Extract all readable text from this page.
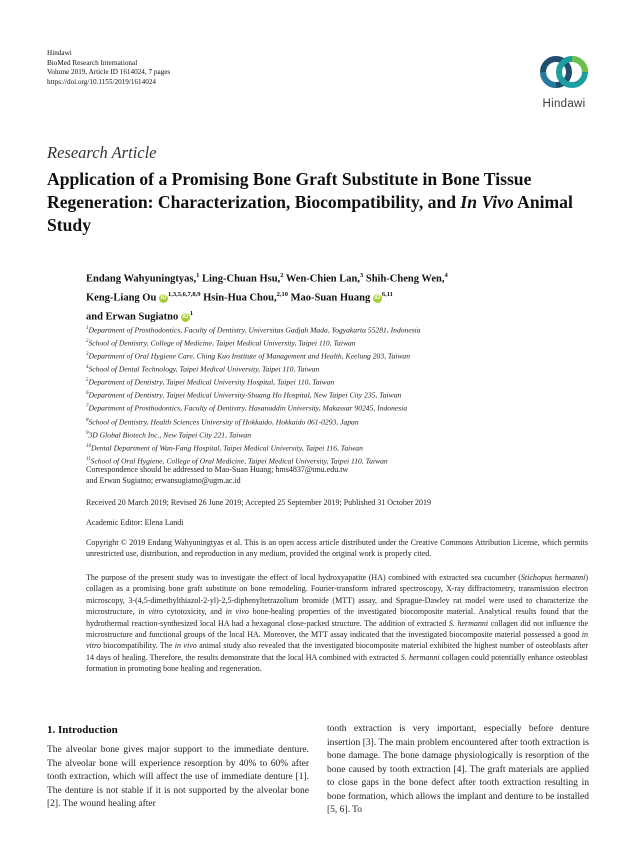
Hindawi
BioMed Research International
Volume 2019, Article ID 1614024, 7 pages
https://doi.org/10.1155/2019/1614024
Hindawi
Research Article
Application of a Promising Bone Graft Substitute in Bone Tissue Regeneration: Characterization, Biocompatibility, and In Vivo Animal Study
Endang Wahyuningtyas,$^1$ Ling-Chuan Hsu,$^2$ Wen-Chien Lan,$^3$ Shih-Cheng Wen,$^4$
Keng-Liang Ou iD $^{1,3,5,6,7,8,9}$ Hsin-Hua Chou,$^{2,10}$ Mao-Suan Huang iD $^{6,11}$
and Erwan Sugiatno iD $^1$
$^1$Department of Prosthodontics, Faculty of Dentistry, Universitas Gadjah Mada, Yogyakarta 55281, Indonesia
$^2$School of Dentistry, College of Medicine, Taipei Medical University, Taipei 110, Taiwan
$^3$Department of Oral Hygiene Care, Ching Kuo Institute of Management and Health, Keelung 203, Taiwan
$^4$School of Dental Technology, Taipei Medical University, Taipei 110, Taiwan
$^5$Department of Dentistry, Taipei Medical University Hospital, Taipei 110, Taiwan
$^6$Department of Dentistry, Taipei Medical University-Shuang Ho Hospital, New Taipei City 235, Taiwan
$^7$Department of Prosthodontics, Faculty of Dentistry, Hasanuddin University, Makassar 90245, Indonesia
$^8$School of Dentistry, Health Sciences University of Hokkaido, Hokkaido 061-0293, Japan
$^9$3D Global Biotech Inc., New Taipei City 221, Taiwan
$^{10}$Dental Department of Wan-Fang Hospital, Taipei Medical University, Taipei 116, Taiwan
$^{11}$School of Oral Hygiene, College of Oral Medicine, Taipei Medical University, Taipei 110, Taiwan
Correspondence should be addressed to Mao-Suan Huang; hms4837@tmu.edu.tw
and Erwan Sugiatno; erwansugiatno@ugm.ac.id
Received 20 March 2019; Revised 26 June 2019; Accepted 25 September 2019; Published 31 October 2019
Academic Editor: Elena Landi
Copyright © 2019 Endang Wahyuningtyas et al. This is an open access article distributed under the Creative Commons Attribution License, which permits unrestricted use, distribution, and reproduction in any medium, provided the original work is properly cited.
The purpose of the present study was to investigate the effect of local hydroxyapatite (HA) combined with extracted sea cucumber (Stichopus hermanni) collagen as a promising bone graft substitute on bone remodeling. Fourier-transform infrared spectroscopy, X-ray diffractometry, transmission electron microscopy, 3-(4,5-dimethylthiazol-2-yl)-2,5-diphenyltetrazolium bromide (MTT) assay, and Sprague-Dawley rat model were used to characterize the microstructure, in vitro cytotoxicity, and in vivo bone-healing properties of the investigated biocomposite material. Analytical results found that the hydrothermal reaction-synthesized local HA had a hexagonal close-packed structure. The addition of extracted S. hermanni collagen did not influence the microstructure and functional groups of the local HA. Moreover, the MTT assay indicated that the investigated biocomposite material possessed a good in vitro biocompatibility. The in vivo animal study also revealed that the investigated biocomposite material exhibited the highest number of osteoblasts after 14 days of healing. Therefore, the results demonstrate that the local HA combined with extracted S. hermanni collagen could potentially enhance osteoblast formation in promoting bone healing and regeneration.
1. Introduction
The alveolar bone gives major support to the immediate denture. The alveolar bone will experience resorption by 40% to 60% after tooth extraction, which will affect the use of immediate denture [1]. The denture is not stable if it is not supported by the alveolar bone [2]. The wound healing after
tooth extraction is very important, especially before denture insertion [3]. The main problem encountered after tooth extraction is bone damage. The bone damage physiologically is resorption of the bone caused by tooth extraction [4]. The graft materials are applied to close gaps in the bone defect after tooth extraction resulting in bone formation, which allows the implant and denture to be installed [5, 6]. To
